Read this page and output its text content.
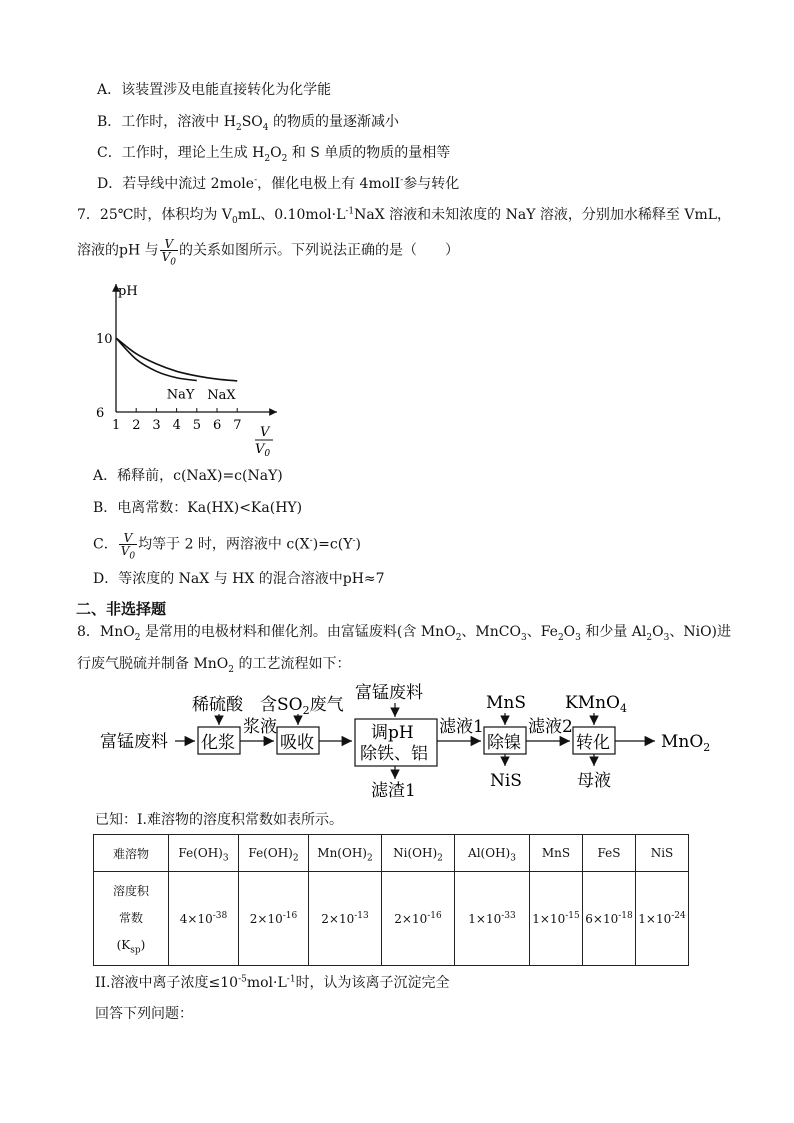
A．该装置涉及电能直接转化为化学能
B．工作时，溶液中 $H_2SO_4$ 的物质的量逐渐减小
C．工作时，理论上生成 $H_2O_2$ 和 S 单质的物质的量相等
D．若导线中流过 2mole-，催化电极上有 4molI-参与转化
7．25℃时，体积均为 $V_0mL$、$0.10mol\cdot L^{-1}NaX$ 溶液和未知浓度的 NaY 溶液，分别加水稀释至 VmL，
溶液的pH 与 $\frac{V}{V_0}$ 的关系如图所示。下列说法正确的是（　　）
pH
1 2 3 4 5 6 7
6
10
NaX
NaY
V
$V_0$
A．稀释前，c(NaX)=c(NaY)
B．电离常数：Ka(HX)<Ka(HY)
C． $\frac{V}{V_0}$ 均等于 2 时，两溶液中 c(X-)=c(Y-)
D．等浓度的 NaX 与 HX 的混合溶液中pH≈7
二、非选择题
8．MnO$_2$ 是常用的电极材料和催化剂。由富锰废料(含 MnO$_2$、MnCO$_3$、$Fe_2O_3$ 和少量 $Al_2O_3$、NiO)进
行废气脱硫并制备 MnO$_2$ 的工艺流程如下：
富锰废料 化浆
稀硫酸
浆液
吸收
含$SO_2$废气
调pH
除铁、铝
富锰废料
滤渣1
滤液1
除镍
MnS
NiS
滤液2
转化
KMnO$_4$
母液
MnO$_2$
已知：I.难溶物的溶度积常数如表所示。
难溶物	$Fe(OH)_3$	$Fe(OH)_2$	$Mn(OH)_2$	$Ni(OH)_2$	$Al(OH)_3$	MnS	FeS	NiS

溶度积
常数
$(K_{sp})$	$4\times 10^{-38}$	$2\times 10^{-16}$	$2\times 10^{-13}$	$2\times 10^{-16}$	$1\times 10^{-33}$	$1\times 10^{-15}$	$6\times 10^{-18}$	$1\times 10^{-24}$
II.溶液中离子浓度$\le 10^{-5}mol\cdot L^{-1}$时，认为该离子沉淀完全
回答下列问题：
